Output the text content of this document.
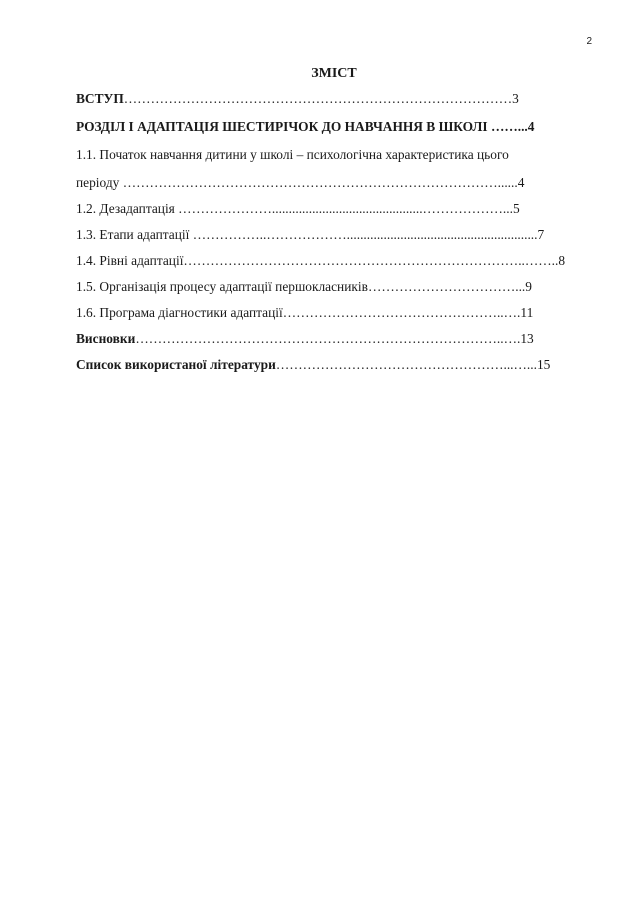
2
ЗМІСТ
ВСТУП……………………………………………………………………………3
РОЗДІЛ І АДАПТАЦІЯ ШЕСТИРІЧОК ДО НАВЧАННЯ В ШКОЛІ ……...4
1.1. Початок навчання дитини у школі – психологічна характеристика цього
періоду …………………………………………………………………………......4
1.2. Дезадаптація ………………….............................................………………...5
1.3. Етапи адаптації ……………..……………….........................................................7
1.4. Рівні адаптації…………………………………………………………………..……..8
1.5. Організація процесу адаптації першокласників……………………………...9
1.6. Програма діагностики адаптації…………………………………………..….11
Висновки………………………………………………………………………..….13
Список використаної літератури……………………………………………...…...15
